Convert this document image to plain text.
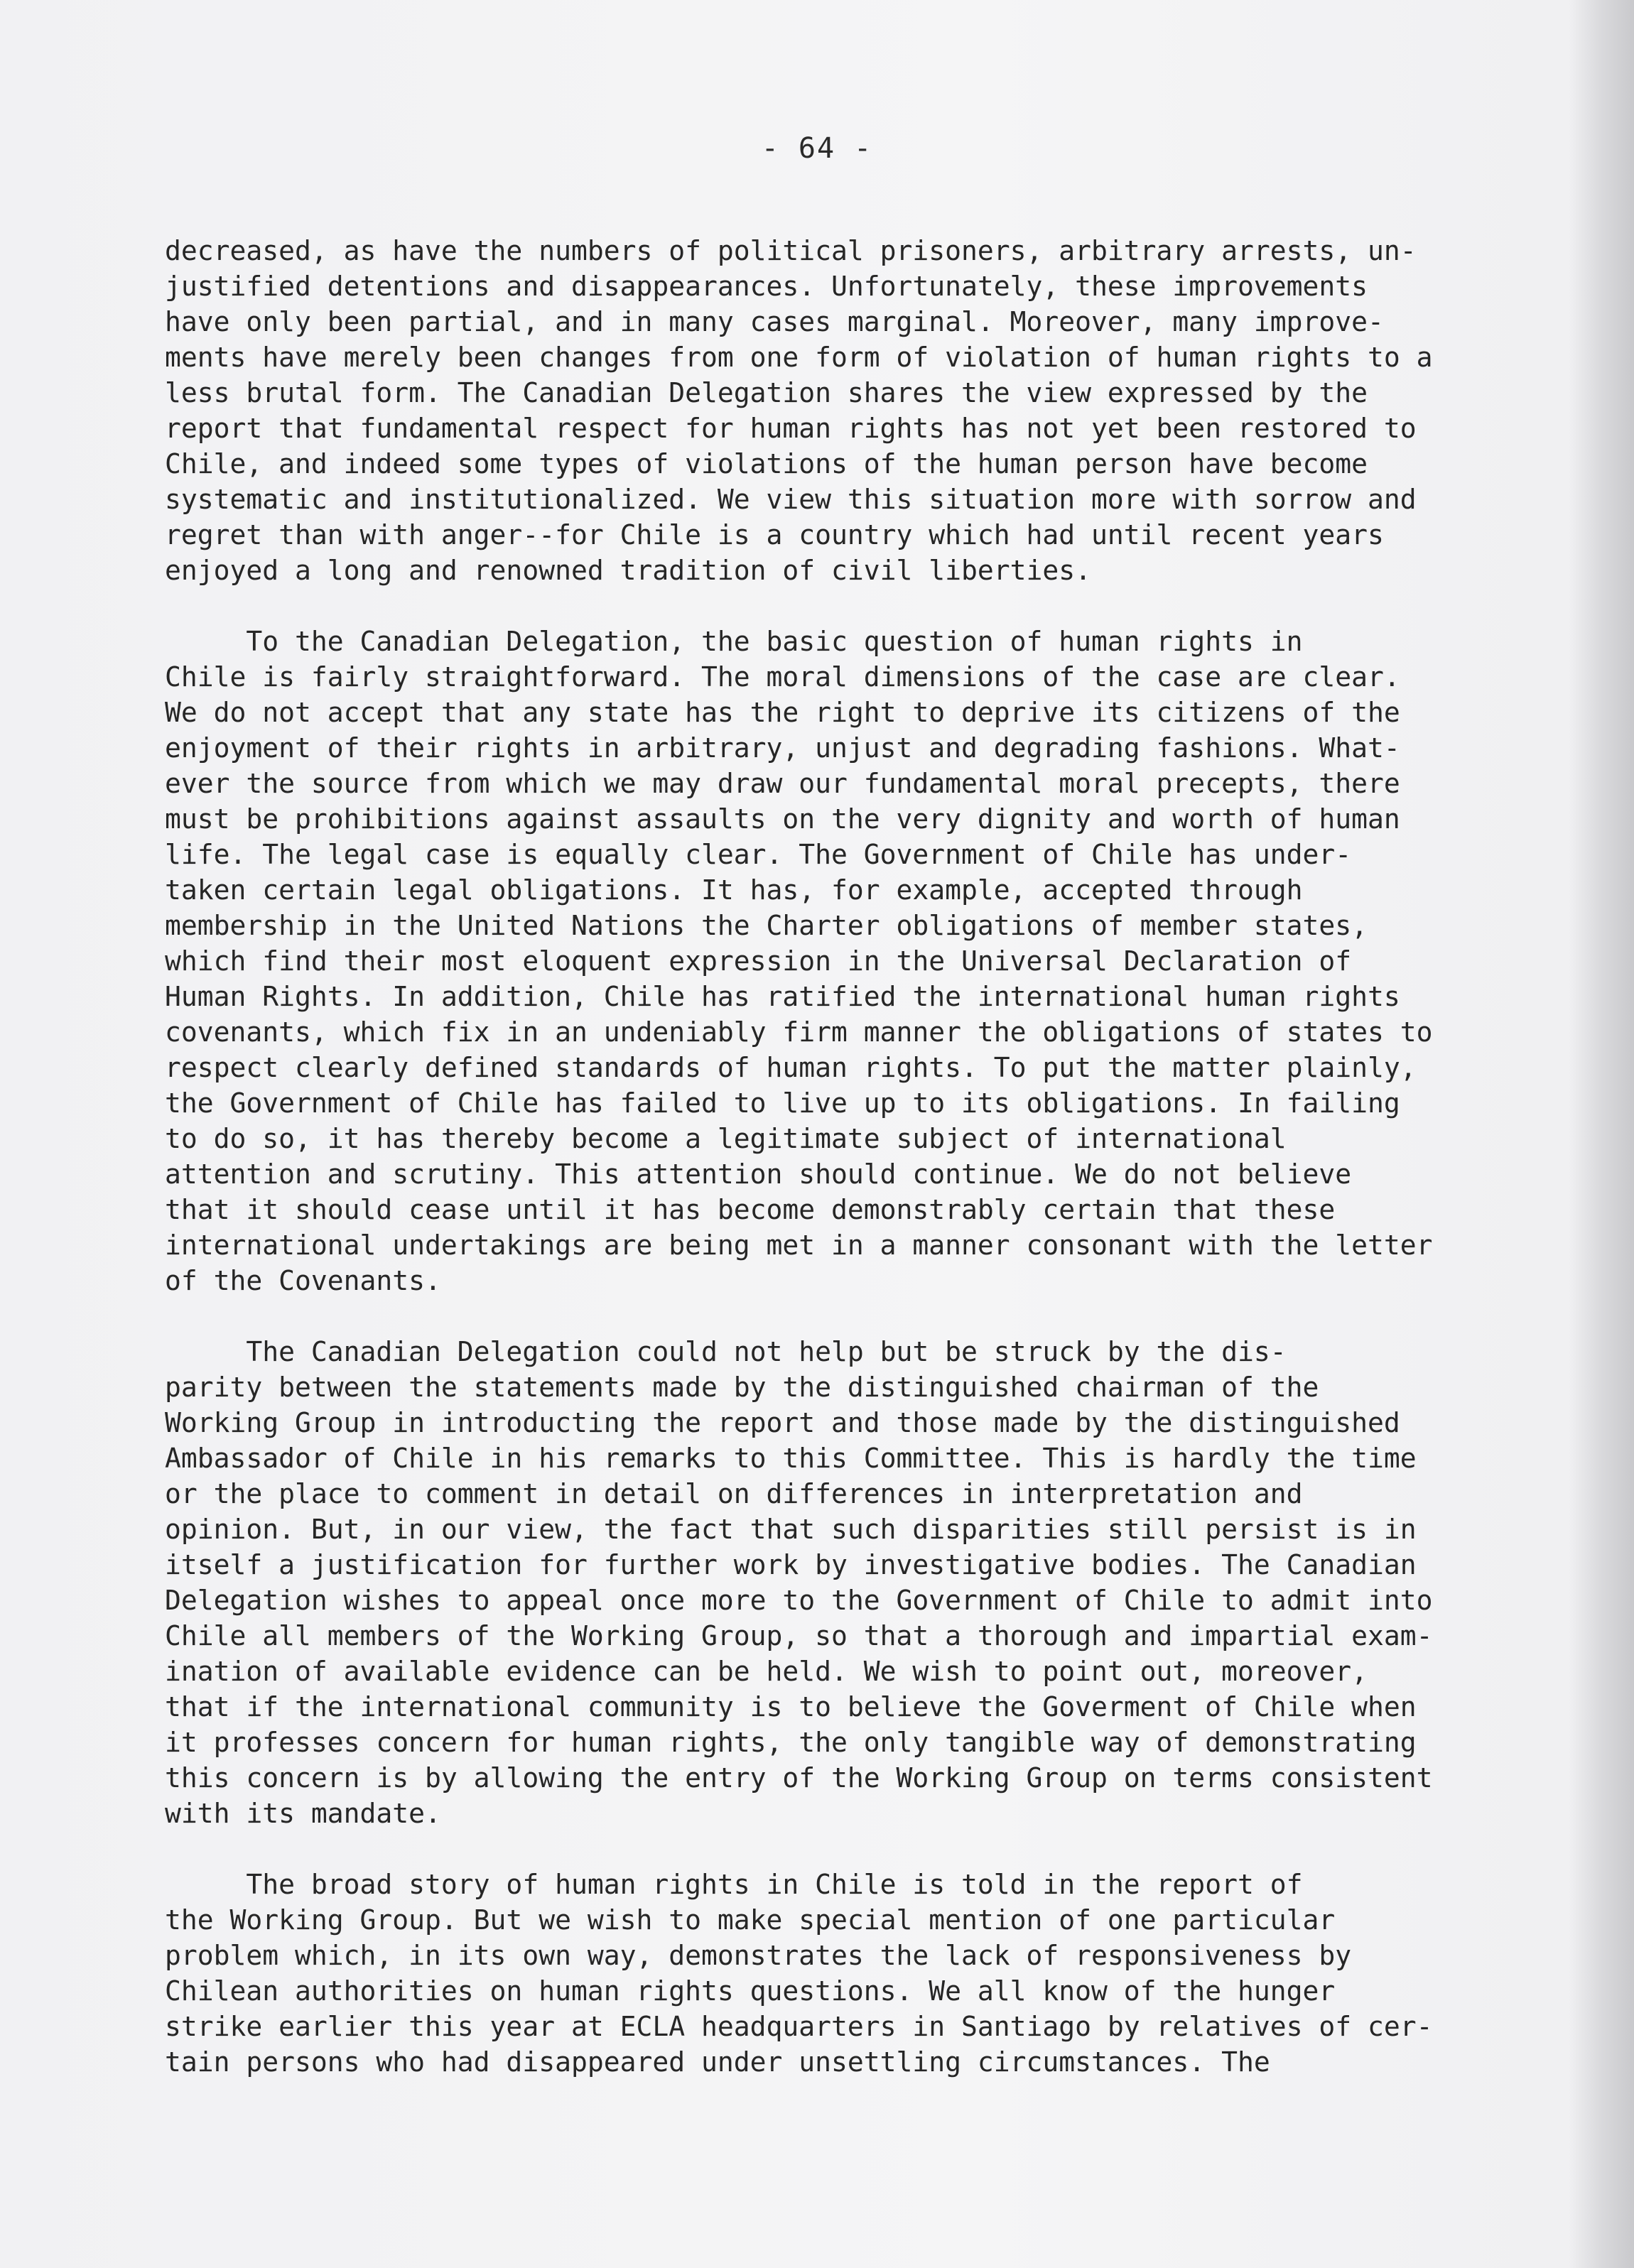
- 64 -
decreased, as have the numbers of political prisoners, arbitrary arrests, un-
justified detentions and disappearances. Unfortunately, these improvements
have only been partial, and in many cases marginal. Moreover, many improve-
ments have merely been changes from one form of violation of human rights to a
less brutal form. The Canadian Delegation shares the view expressed by the
report that fundamental respect for human rights has not yet been restored to
Chile, and indeed some types of violations of the human person have become
systematic and institutionalized. We view this situation more with sorrow and
regret than with anger--for Chile is a country which had until recent years
enjoyed a long and renowned tradition of civil liberties.
To the Canadian Delegation, the basic question of human rights in
Chile is fairly straightforward. The moral dimensions of the case are clear.
We do not accept that any state has the right to deprive its citizens of the
enjoyment of their rights in arbitrary, unjust and degrading fashions. What-
ever the source from which we may draw our fundamental moral precepts, there
must be prohibitions against assaults on the very dignity and worth of human
life. The legal case is equally clear. The Government of Chile has under-
taken certain legal obligations. It has, for example, accepted through
membership in the United Nations the Charter obligations of member states,
which find their most eloquent expression in the Universal Declaration of
Human Rights. In addition, Chile has ratified the international human rights
covenants, which fix in an undeniably firm manner the obligations of states to
respect clearly defined standards of human rights. To put the matter plainly,
the Government of Chile has failed to live up to its obligations. In failing
to do so, it has thereby become a legitimate subject of international
attention and scrutiny. This attention should continue. We do not believe
that it should cease until it has become demonstrably certain that these
international undertakings are being met in a manner consonant with the letter
of the Covenants.
The Canadian Delegation could not help but be struck by the dis-
parity between the statements made by the distinguished chairman of the
Working Group in introducting the report and those made by the distinguished
Ambassador of Chile in his remarks to this Committee. This is hardly the time
or the place to comment in detail on differences in interpretation and
opinion. But, in our view, the fact that such disparities still persist is in
itself a justification for further work by investigative bodies. The Canadian
Delegation wishes to appeal once more to the Government of Chile to admit into
Chile all members of the Working Group, so that a thorough and impartial exam-
ination of available evidence can be held. We wish to point out, moreover,
that if the international community is to believe the Goverment of Chile when
it professes concern for human rights, the only tangible way of demonstrating
this concern is by allowing the entry of the Working Group on terms consistent
with its mandate.
The broad story of human rights in Chile is told in the report of
the Working Group. But we wish to make special mention of one particular
problem which, in its own way, demonstrates the lack of responsiveness by
Chilean authorities on human rights questions. We all know of the hunger
strike earlier this year at ECLA headquarters in Santiago by relatives of cer-
tain persons who had disappeared under unsettling circumstances. The
